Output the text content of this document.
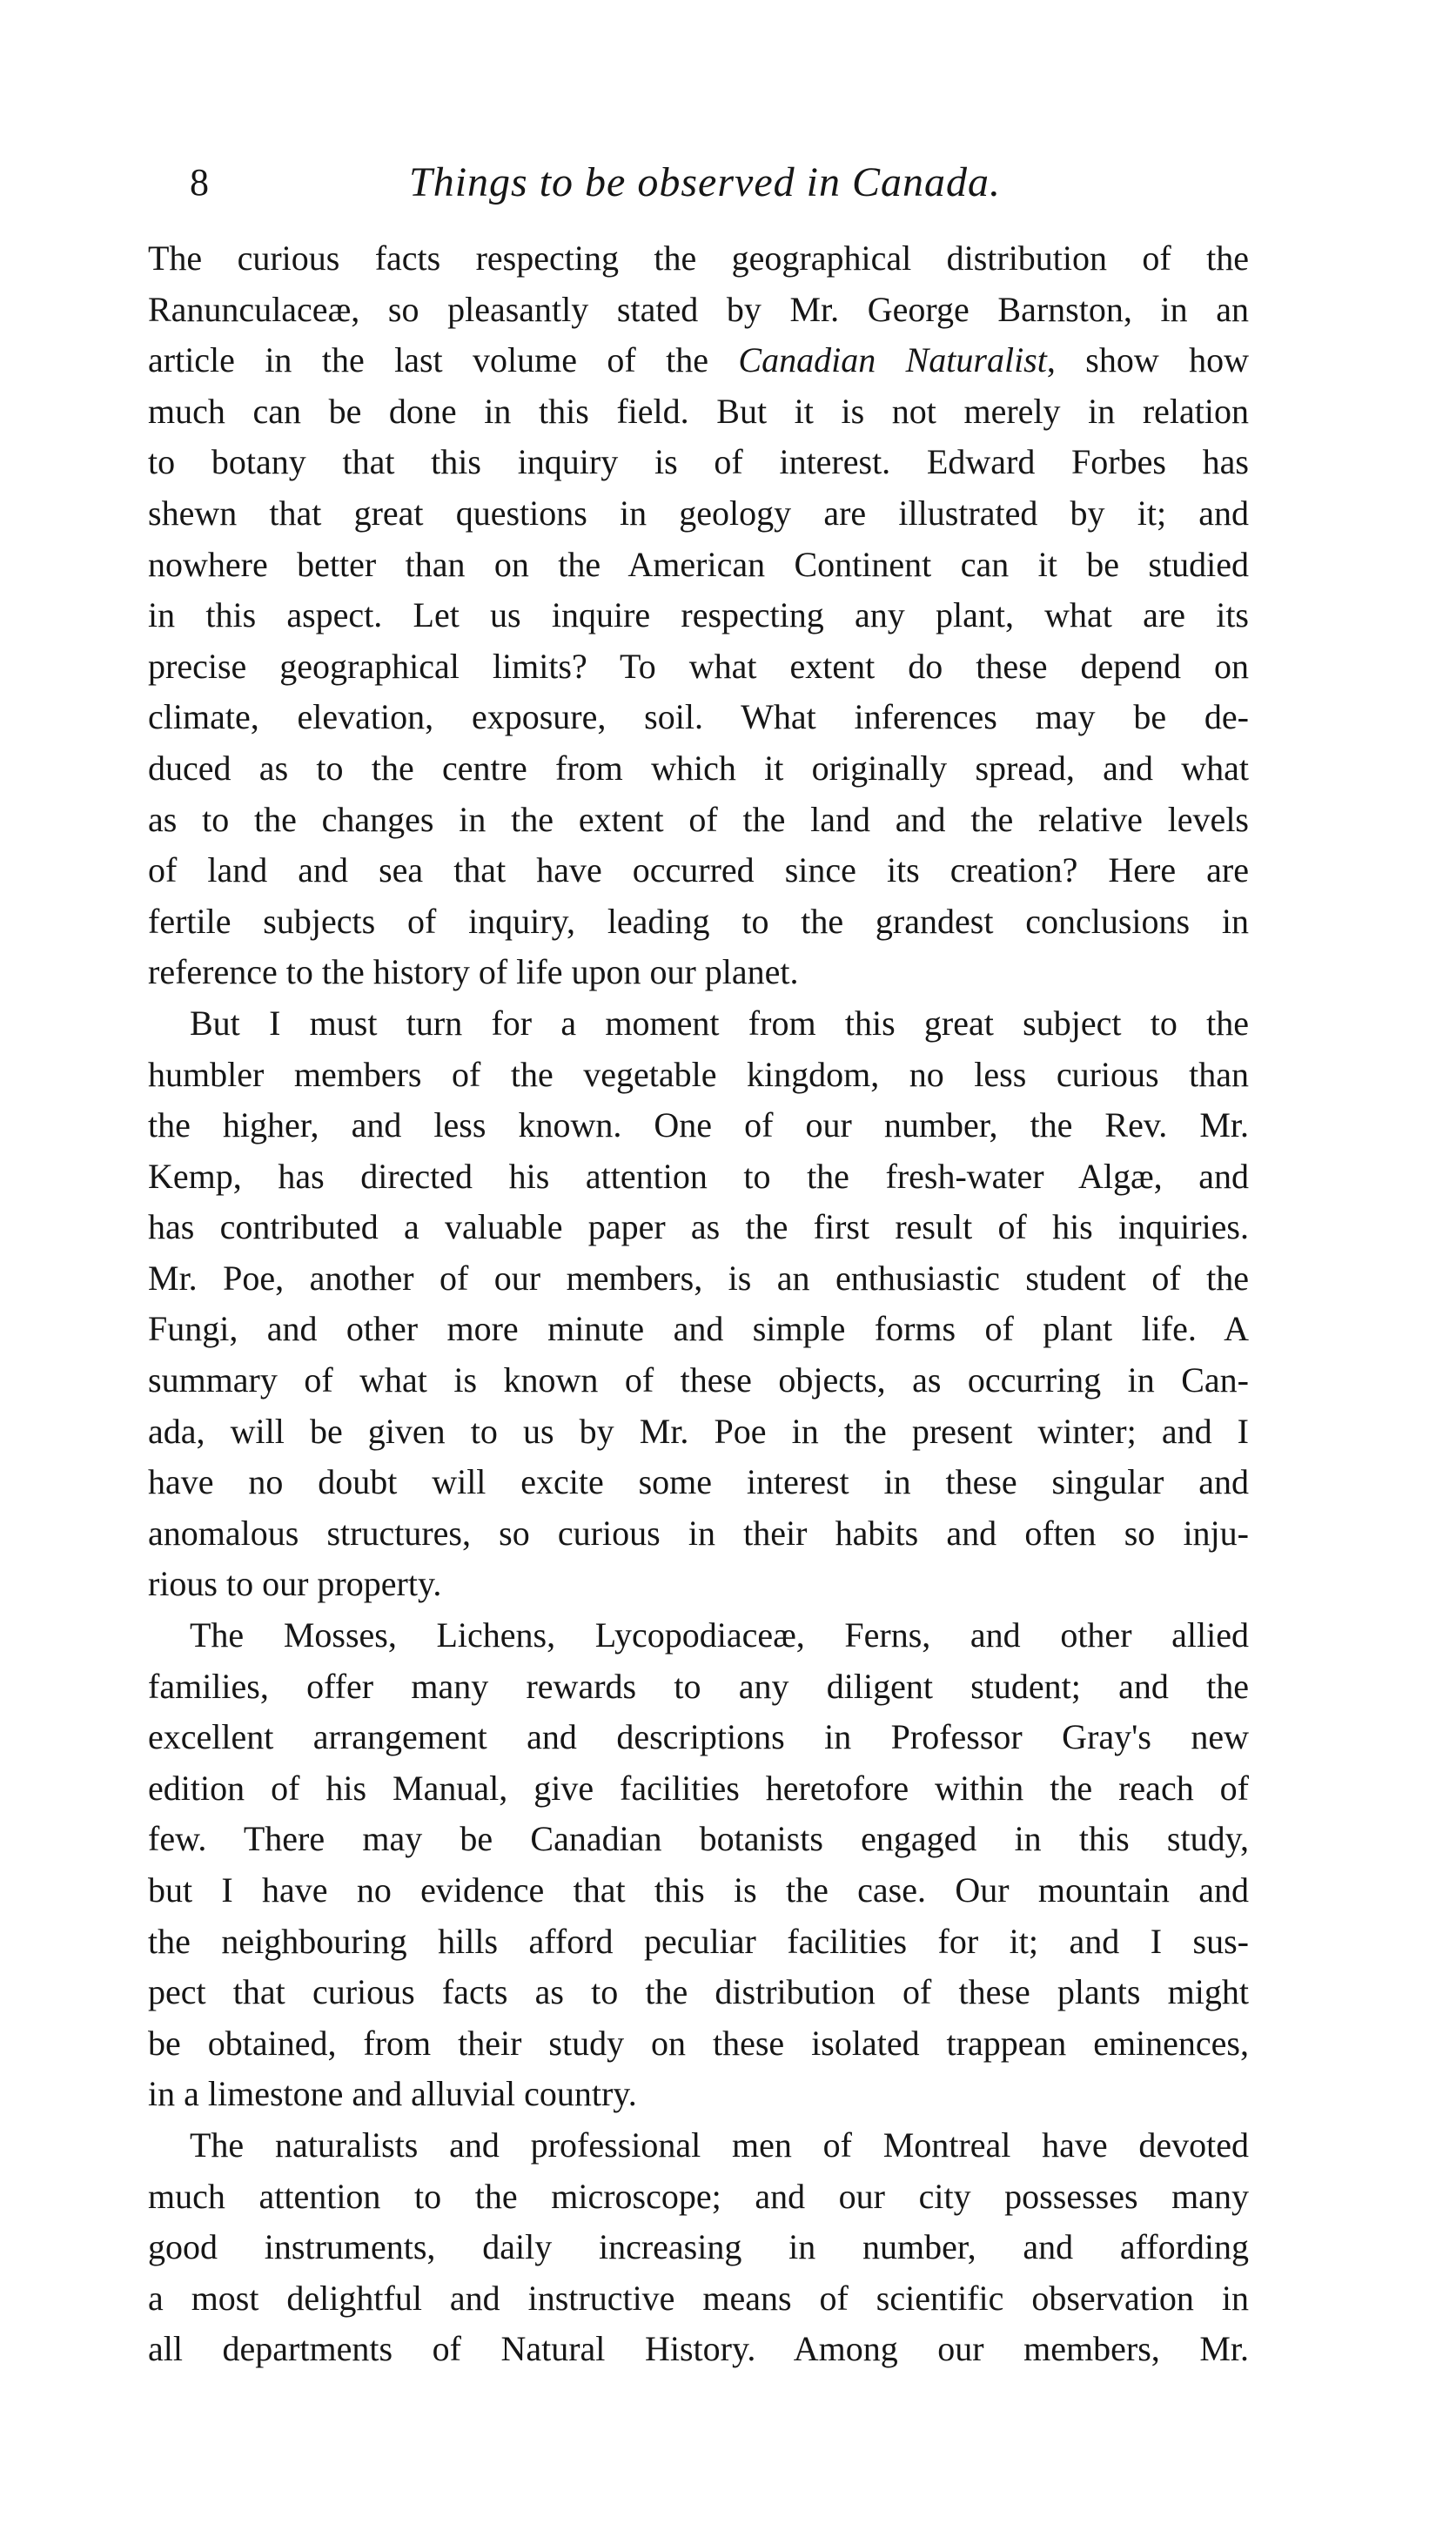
8	Things to be observed in Canada.
The curious facts respecting the geographical distribution of the
Ranunculaceæ, so pleasantly stated by Mr. George Barnston, in an
article in the last volume of the Canadian Naturalist, show how
much can be done in this field. But it is not merely in relation
to botany that this inquiry is of interest. Edward Forbes has
shewn that great questions in geology are illustrated by it; and
nowhere better than on the American Continent can it be studied
in this aspect. Let us inquire respecting any plant, what are its
precise geographical limits? To what extent do these depend on
climate, elevation, exposure, soil. What inferences may be de-
duced as to the centre from which it originally spread, and what
as to the changes in the extent of the land and the relative levels
of land and sea that have occurred since its creation? Here are
fertile subjects of inquiry, leading to the grandest conclusions in
reference to the history of life upon our planet.
But I must turn for a moment from this great subject to the
humbler members of the vegetable kingdom, no less curious than
the higher, and less known. One of our number, the Rev. Mr.
Kemp, has directed his attention to the fresh-water Algæ, and
has contributed a valuable paper as the first result of his inquiries.
Mr. Poe, another of our members, is an enthusiastic student of the
Fungi, and other more minute and simple forms of plant life. A
summary of what is known of these objects, as occurring in Can-
ada, will be given to us by Mr. Poe in the present winter; and I
have no doubt will excite some interest in these singular and
anomalous structures, so curious in their habits and often so inju-
rious to our property.
The Mosses, Lichens, Lycopodiaceæ, Ferns, and other allied
families, offer many rewards to any diligent student; and the
excellent arrangement and descriptions in Professor Gray's new
edition of his Manual, give facilities heretofore within the reach of
few. There may be Canadian botanists engaged in this study,
but I have no evidence that this is the case. Our mountain and
the neighbouring hills afford peculiar facilities for it; and I sus-
pect that curious facts as to the distribution of these plants might
be obtained, from their study on these isolated trappean eminences,
in a limestone and alluvial country.
The naturalists and professional men of Montreal have devoted
much attention to the microscope; and our city possesses many
good instruments, daily increasing in number, and affording
a most delightful and instructive means of scientific observation in
all departments of Natural History. Among our members, Mr.
